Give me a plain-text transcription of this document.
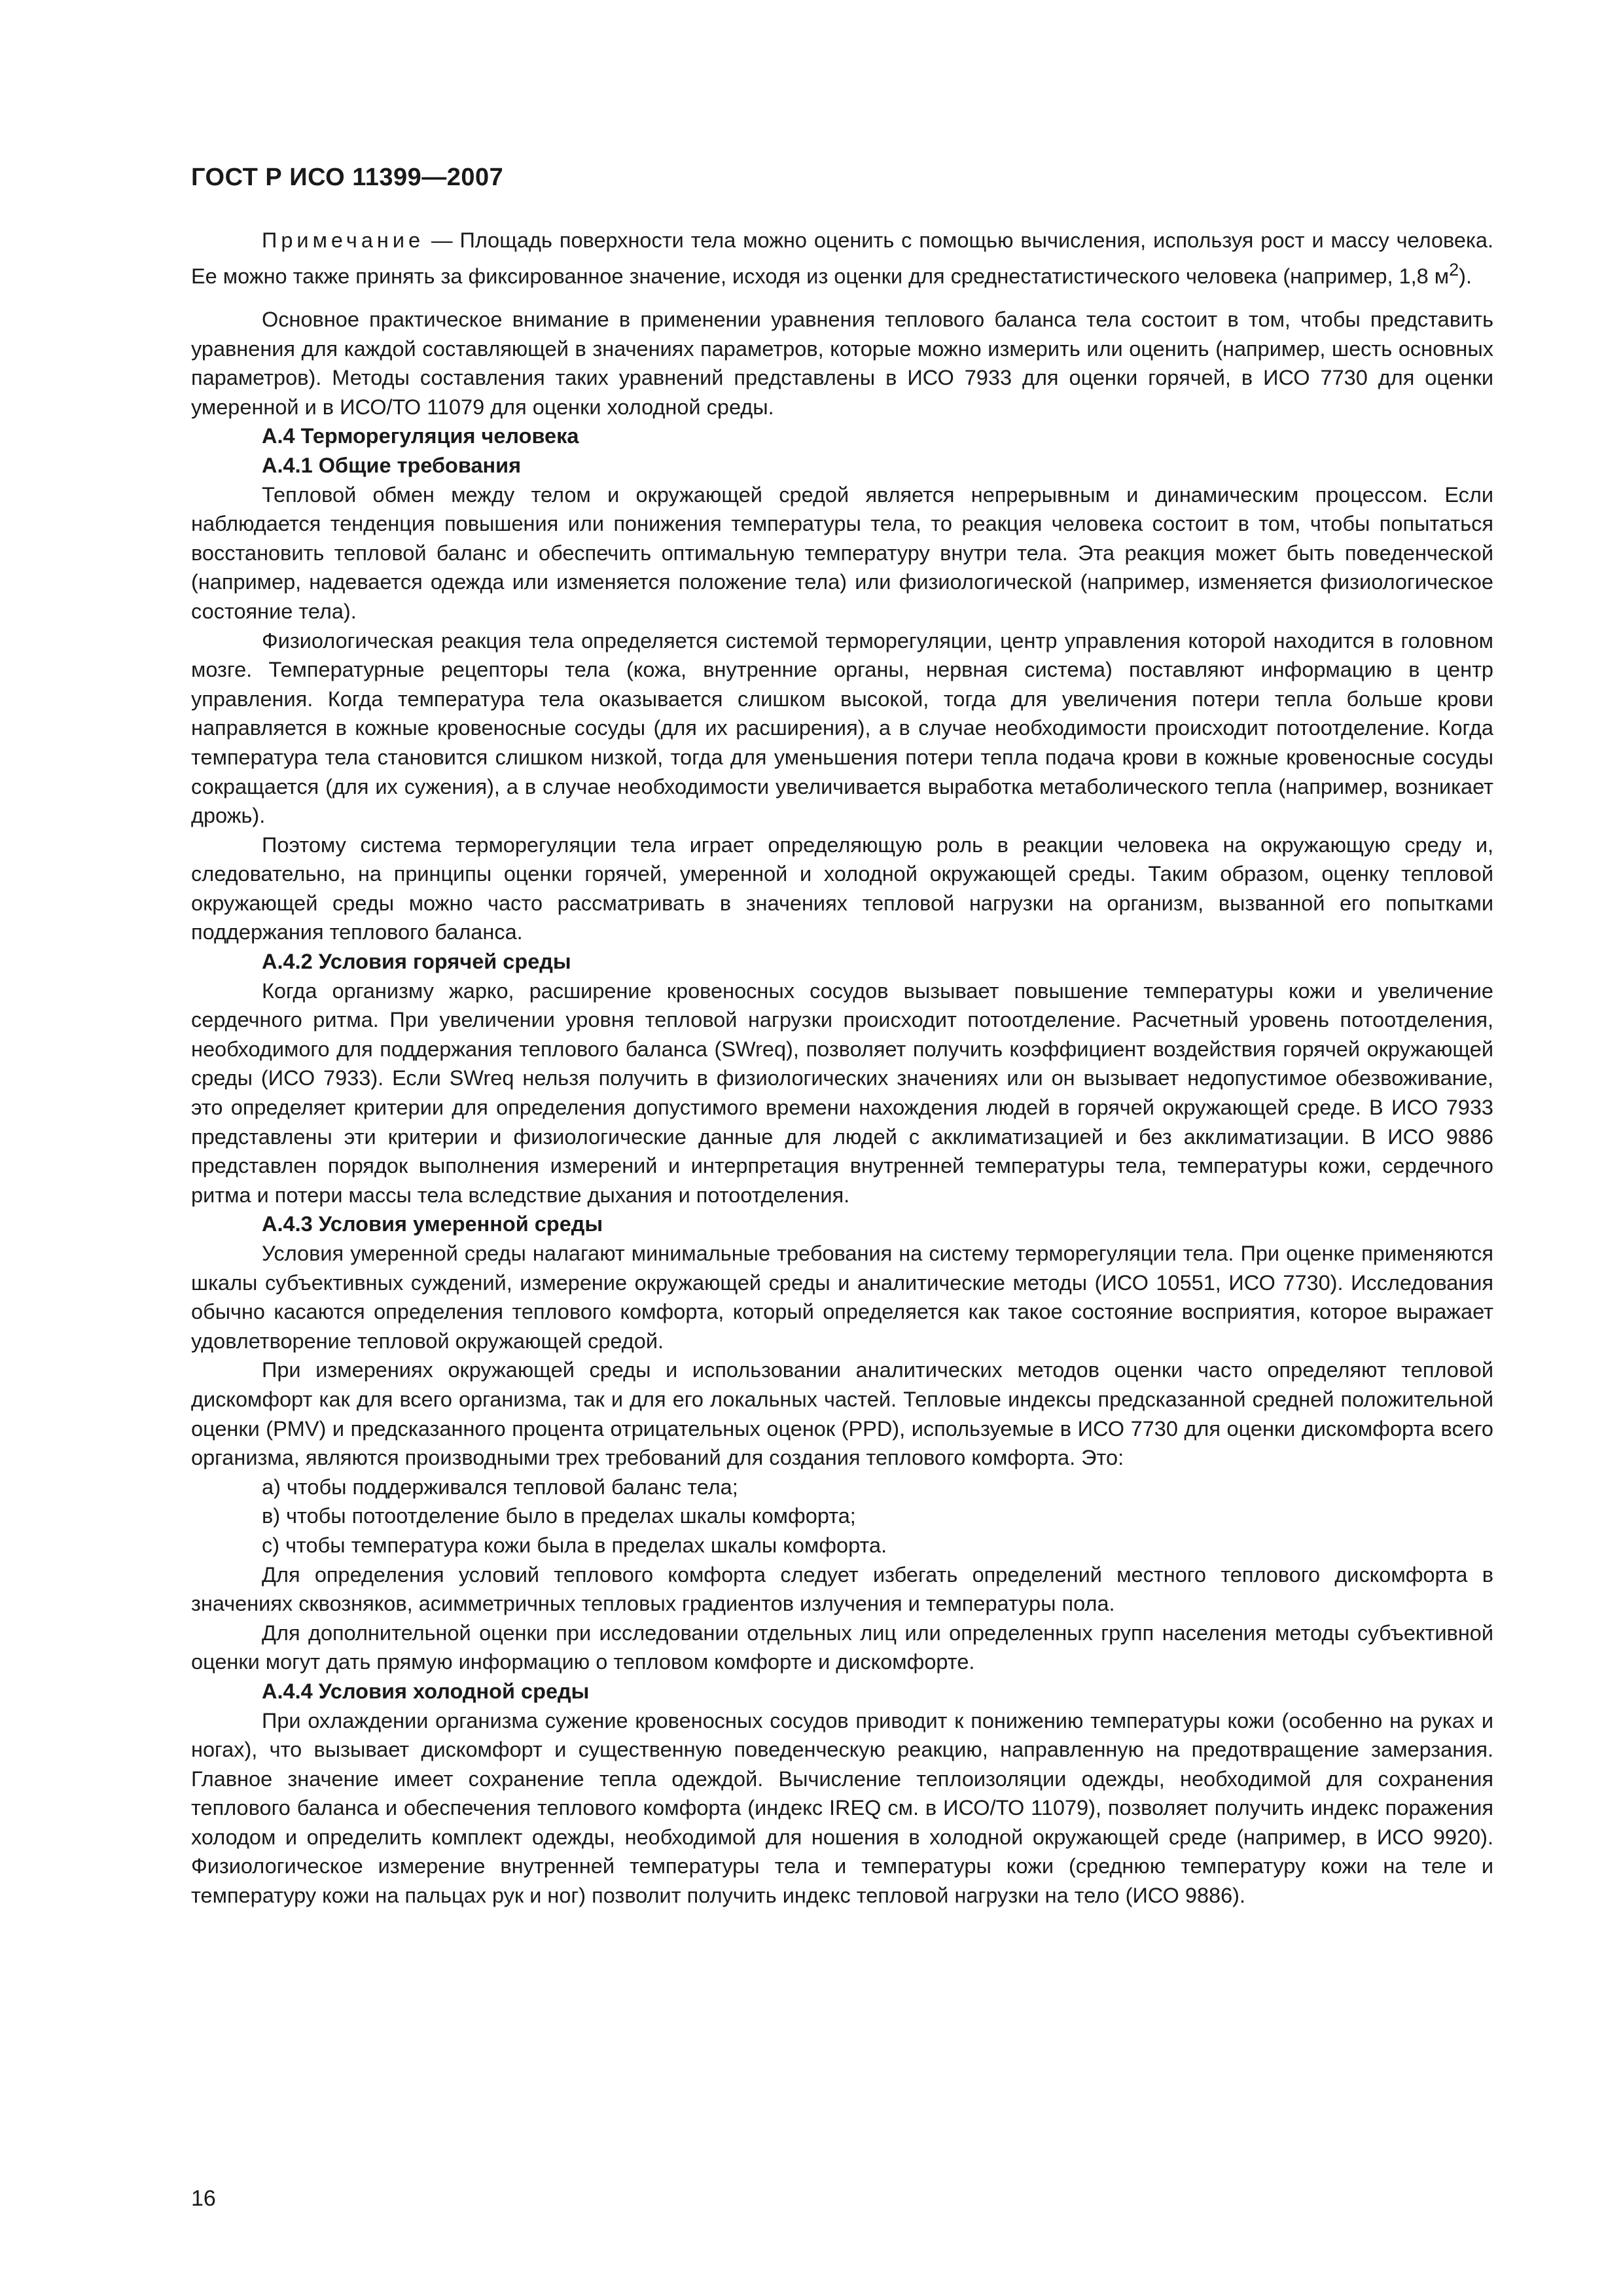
ГОСТ Р ИСО 11399—2007

Примечание — Площадь поверхности тела можно оценить с помощью вычисления, используя рост и массу человека. Ее можно также принять за фиксированное значение, исходя из оценки для среднестатистического человека (например, 1,8 $м^2$).

Основное практическое внимание в применении уравнения теплового баланса тела состоит в том, чтобы представить уравнения для каждой составляющей в значениях параметров, которые можно измерить или оценить (например, шесть основных параметров). Методы составления таких уравнений представлены в ИСО 7933 для оценки горячей, в ИСО 7730 для оценки умеренной и в ИСО/ТО 11079 для оценки холодной среды.

А.4 Терморегуляция человека

А.4.1 Общие требования

Тепловой обмен между телом и окружающей средой является непрерывным и динамическим процессом. Если наблюдается тенденция повышения или понижения температуры тела, то реакция человека состоит в том, чтобы попытаться восстановить тепловой баланс и обеспечить оптимальную температуру внутри тела. Эта реакция может быть поведенческой (например, надевается одежда или изменяется положение тела) или физиологической (например, изменяется физиологическое состояние тела).

Физиологическая реакция тела определяется системой терморегуляции, центр управления которой находится в головном мозге. Температурные рецепторы тела (кожа, внутренние органы, нервная система) поставляют информацию в центр управления. Когда температура тела оказывается слишком высокой, тогда для увеличения потери тепла больше крови направляется в кожные кровеносные сосуды (для их расширения), а в случае необходимости происходит потоотделение. Когда температура тела становится слишком низкой, тогда для уменьшения потери тепла подача крови в кожные кровеносные сосуды сокращается (для их сужения), а в случае необходимости увеличивается выработка метаболического тепла (например, возникает дрожь).

Поэтому система терморегуляции тела играет определяющую роль в реакции человека на окружающую среду и, следовательно, на принципы оценки горячей, умеренной и холодной окружающей среды. Таким образом, оценку тепловой окружающей среды можно часто рассматривать в значениях тепловой нагрузки на организм, вызванной его попытками поддержания теплового баланса.

А.4.2 Условия горячей среды

Когда организму жарко, расширение кровеносных сосудов вызывает повышение температуры кожи и увеличение сердечного ритма. При увеличении уровня тепловой нагрузки происходит потоотделение. Расчетный уровень потоотделения, необходимого для поддержания теплового баланса (SWreq), позволяет получить коэффициент воздействия горячей окружающей среды (ИСО 7933). Если SWreq нельзя получить в физиологических значениях или он вызывает недопустимое обезвоживание, это определяет критерии для определения допустимого времени нахождения людей в горячей окружающей среде. В ИСО 7933 представлены эти критерии и физиологические данные для людей с акклиматизацией и без акклиматизации. В ИСО 9886 представлен порядок выполнения измерений и интерпретация внутренней температуры тела, температуры кожи, сердечного ритма и потери массы тела вследствие дыхания и потоотделения.

А.4.3 Условия умеренной среды

Условия умеренной среды налагают минимальные требования на систему терморегуляции тела. При оценке применяются шкалы субъективных суждений, измерение окружающей среды и аналитические методы (ИСО 10551, ИСО 7730). Исследования обычно касаются определения теплового комфорта, который определяется как такое состояние восприятия, которое выражает удовлетворение тепловой окружающей средой.

При измерениях окружающей среды и использовании аналитических методов оценки часто определяют тепловой дискомфорт как для всего организма, так и для его локальных частей. Тепловые индексы предсказанной средней положительной оценки (PMV) и предсказанного процента отрицательных оценок (PPD), используемые в ИСО 7730 для оценки дискомфорта всего организма, являются производными трех требований для создания теплового комфорта. Это:

а) чтобы поддерживался тепловой баланс тела;

в) чтобы потоотделение было в пределах шкалы комфорта;

с) чтобы температура кожи была в пределах шкалы комфорта.

Для определения условий теплового комфорта следует избегать определений местного теплового дискомфорта в значениях сквозняков, асимметричных тепловых градиентов излучения и температуры пола.

Для дополнительной оценки при исследовании отдельных лиц или определенных групп населения методы субъективной оценки могут дать прямую информацию о тепловом комфорте и дискомфорте.

А.4.4 Условия холодной среды

При охлаждении организма сужение кровеносных сосудов приводит к понижению температуры кожи (особенно на руках и ногах), что вызывает дискомфорт и существенную поведенческую реакцию, направленную на предотвращение замерзания. Главное значение имеет сохранение тепла одеждой. Вычисление теплоизоляции одежды, необходимой для сохранения теплового баланса и обеспечения теплового комфорта (индекс IREQ см. в ИСО/ТО 11079), позволяет получить индекс поражения холодом и определить комплект одежды, необходимой для ношения в холодной окружающей среде (например, в ИСО 9920). Физиологическое измерение внутренней температуры тела и температуры кожи (среднюю температуру кожи на теле и температуру кожи на пальцах рук и ног) позволит получить индекс тепловой нагрузки на тело (ИСО 9886).

16
